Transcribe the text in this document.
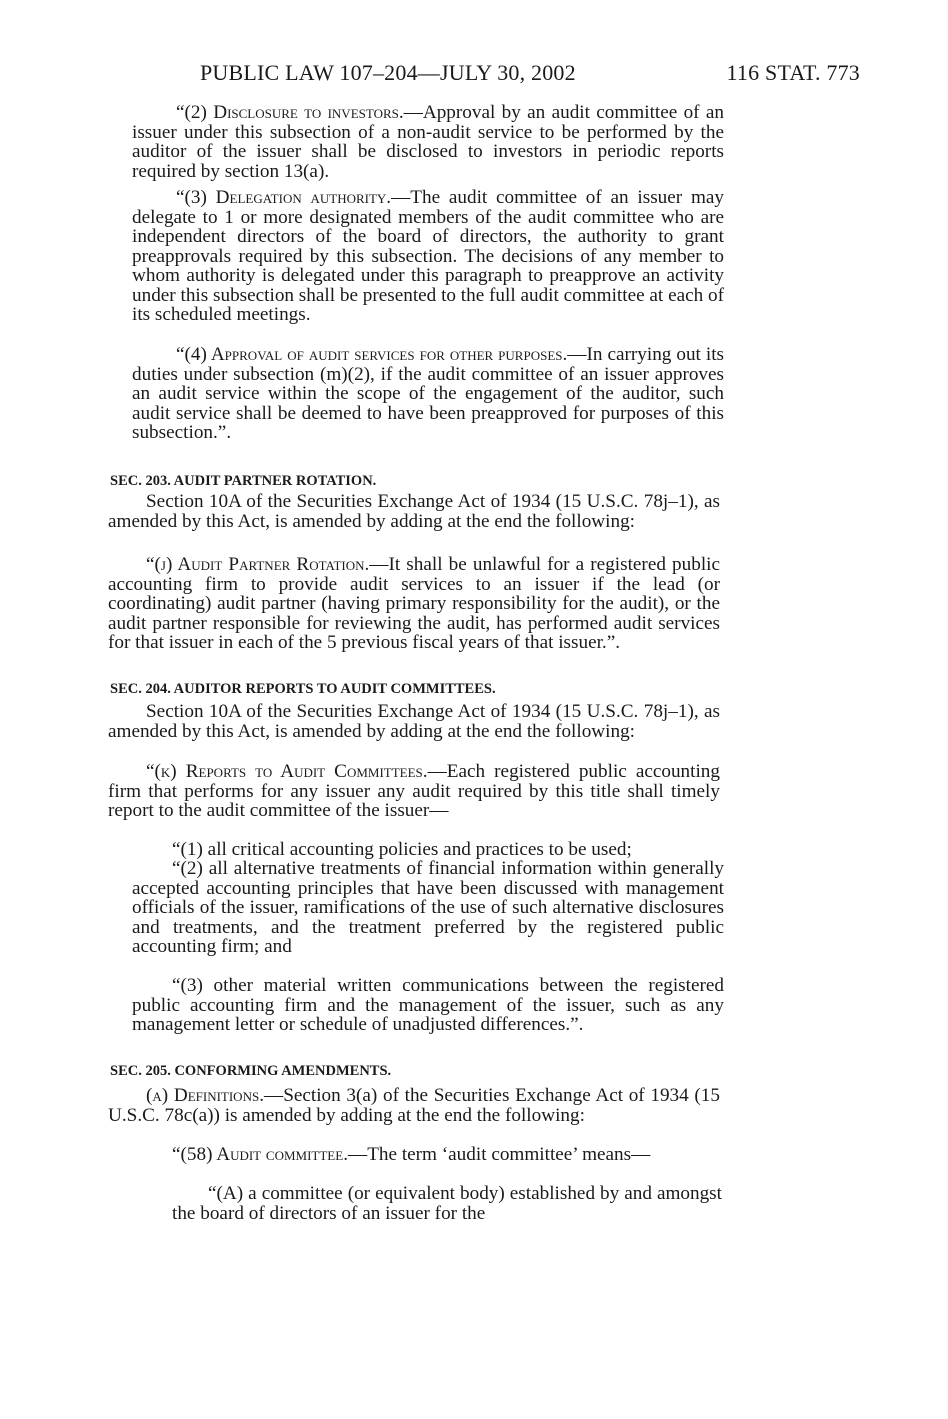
PUBLIC LAW 107–204—JULY 30, 2002	116 STAT. 773

“(2) Disclosure to investors.—Approval by an audit committee of an issuer under this subsection of a non-audit service to be performed by the auditor of the issuer shall be disclosed to investors in periodic reports required by section 13(a).

“(3) Delegation authority.—The audit committee of an issuer may delegate to 1 or more designated members of the audit committee who are independent directors of the board of directors, the authority to grant preapprovals required by this subsection. The decisions of any member to whom authority is delegated under this paragraph to preapprove an activity under this subsection shall be presented to the full audit committee at each of its scheduled meetings.

“(4) Approval of audit services for other purposes.—In carrying out its duties under subsection (m)(2), if the audit committee of an issuer approves an audit service within the scope of the engagement of the auditor, such audit service shall be deemed to have been preapproved for purposes of this subsection.”.

SEC. 203. AUDIT PARTNER ROTATION.

Section 10A of the Securities Exchange Act of 1934 (15 U.S.C. 78j–1), as amended by this Act, is amended by adding at the end the following:

“(j) Audit Partner Rotation.—It shall be unlawful for a registered public accounting firm to provide audit services to an issuer if the lead (or coordinating) audit partner (having primary responsibility for the audit), or the audit partner responsible for reviewing the audit, has performed audit services for that issuer in each of the 5 previous fiscal years of that issuer.”.

SEC. 204. AUDITOR REPORTS TO AUDIT COMMITTEES.

Section 10A of the Securities Exchange Act of 1934 (15 U.S.C. 78j–1), as amended by this Act, is amended by adding at the end the following:

“(k) Reports to Audit Committees.—Each registered public accounting firm that performs for any issuer any audit required by this title shall timely report to the audit committee of the issuer—

“(1) all critical accounting policies and practices to be used;

“(2) all alternative treatments of financial information within generally accepted accounting principles that have been discussed with management officials of the issuer, ramifications of the use of such alternative disclosures and treatments, and the treatment preferred by the registered public accounting firm; and

“(3) other material written communications between the registered public accounting firm and the management of the issuer, such as any management letter or schedule of unadjusted differences.”.

SEC. 205. CONFORMING AMENDMENTS.

(a) Definitions.—Section 3(a) of the Securities Exchange Act of 1934 (15 U.S.C. 78c(a)) is amended by adding at the end the following:

“(58) Audit committee.—The term ‘audit committee’ means—

“(A) a committee (or equivalent body) established by and amongst the board of directors of an issuer for the
